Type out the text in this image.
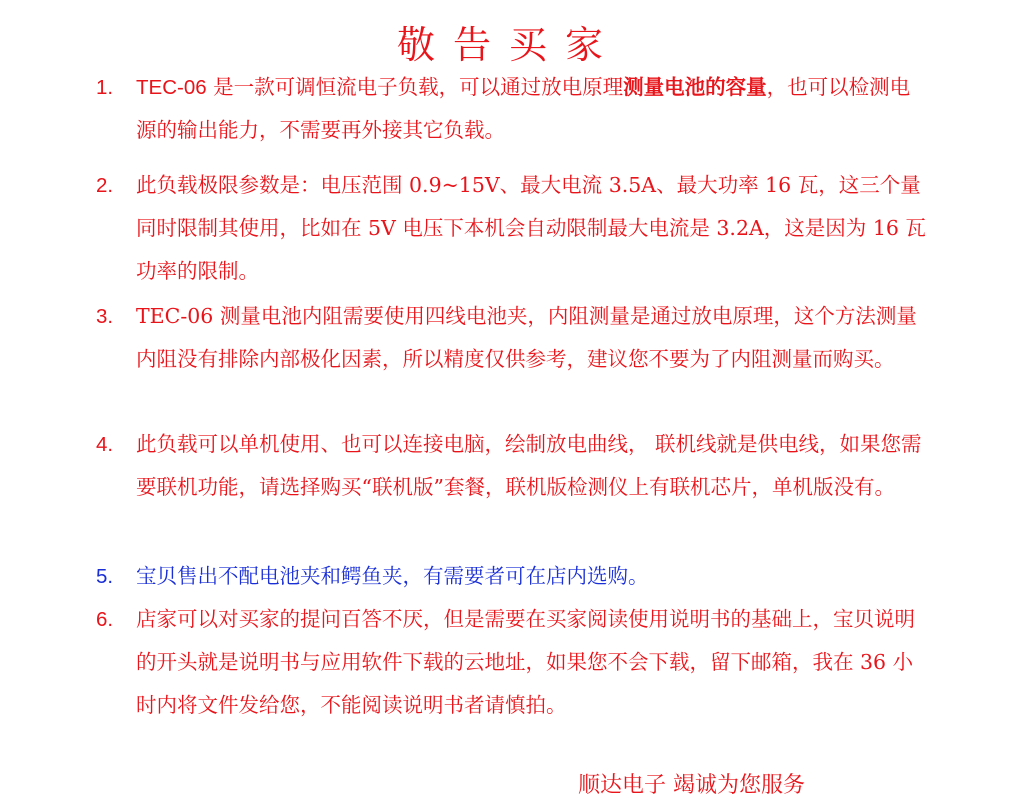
敬告买家
1.	TEC-06 是一款可调恒流电子负载，可以通过放电原理测量电池的容量，也可以检测电源的输出能力，不需要再外接其它负载。
2.	此负载极限参数是：电压范围 0.9~15V、最大电流 3.5A、最大功率 16 瓦，这三个量同时限制其使用，比如在 5V 电压下本机会自动限制最大电流是 3.2A，这是因为 16 瓦功率的限制。
3.	TEC-06 测量电池内阻需要使用四线电池夹，内阻测量是通过放电原理，这个方法测量内阻没有排除内部极化因素，所以精度仅供参考，建议您不要为了内阻测量而购买。
4.	此负载可以单机使用、也可以连接电脑，绘制放电曲线， 联机线就是供电线，如果您需要联机功能，请选择购买“联机版”套餐，联机版检测仪上有联机芯片，单机版没有。
5.	宝贝售出不配电池夹和鳄鱼夹，有需要者可在店内选购。
6.	店家可以对买家的提问百答不厌，但是需要在买家阅读使用说明书的基础上，宝贝说明的开头就是说明书与应用软件下载的云地址，如果您不会下载，留下邮箱，我在 36 小时内将文件发给您，不能阅读说明书者请慎拍。
顺达电子 竭诚为您服务
